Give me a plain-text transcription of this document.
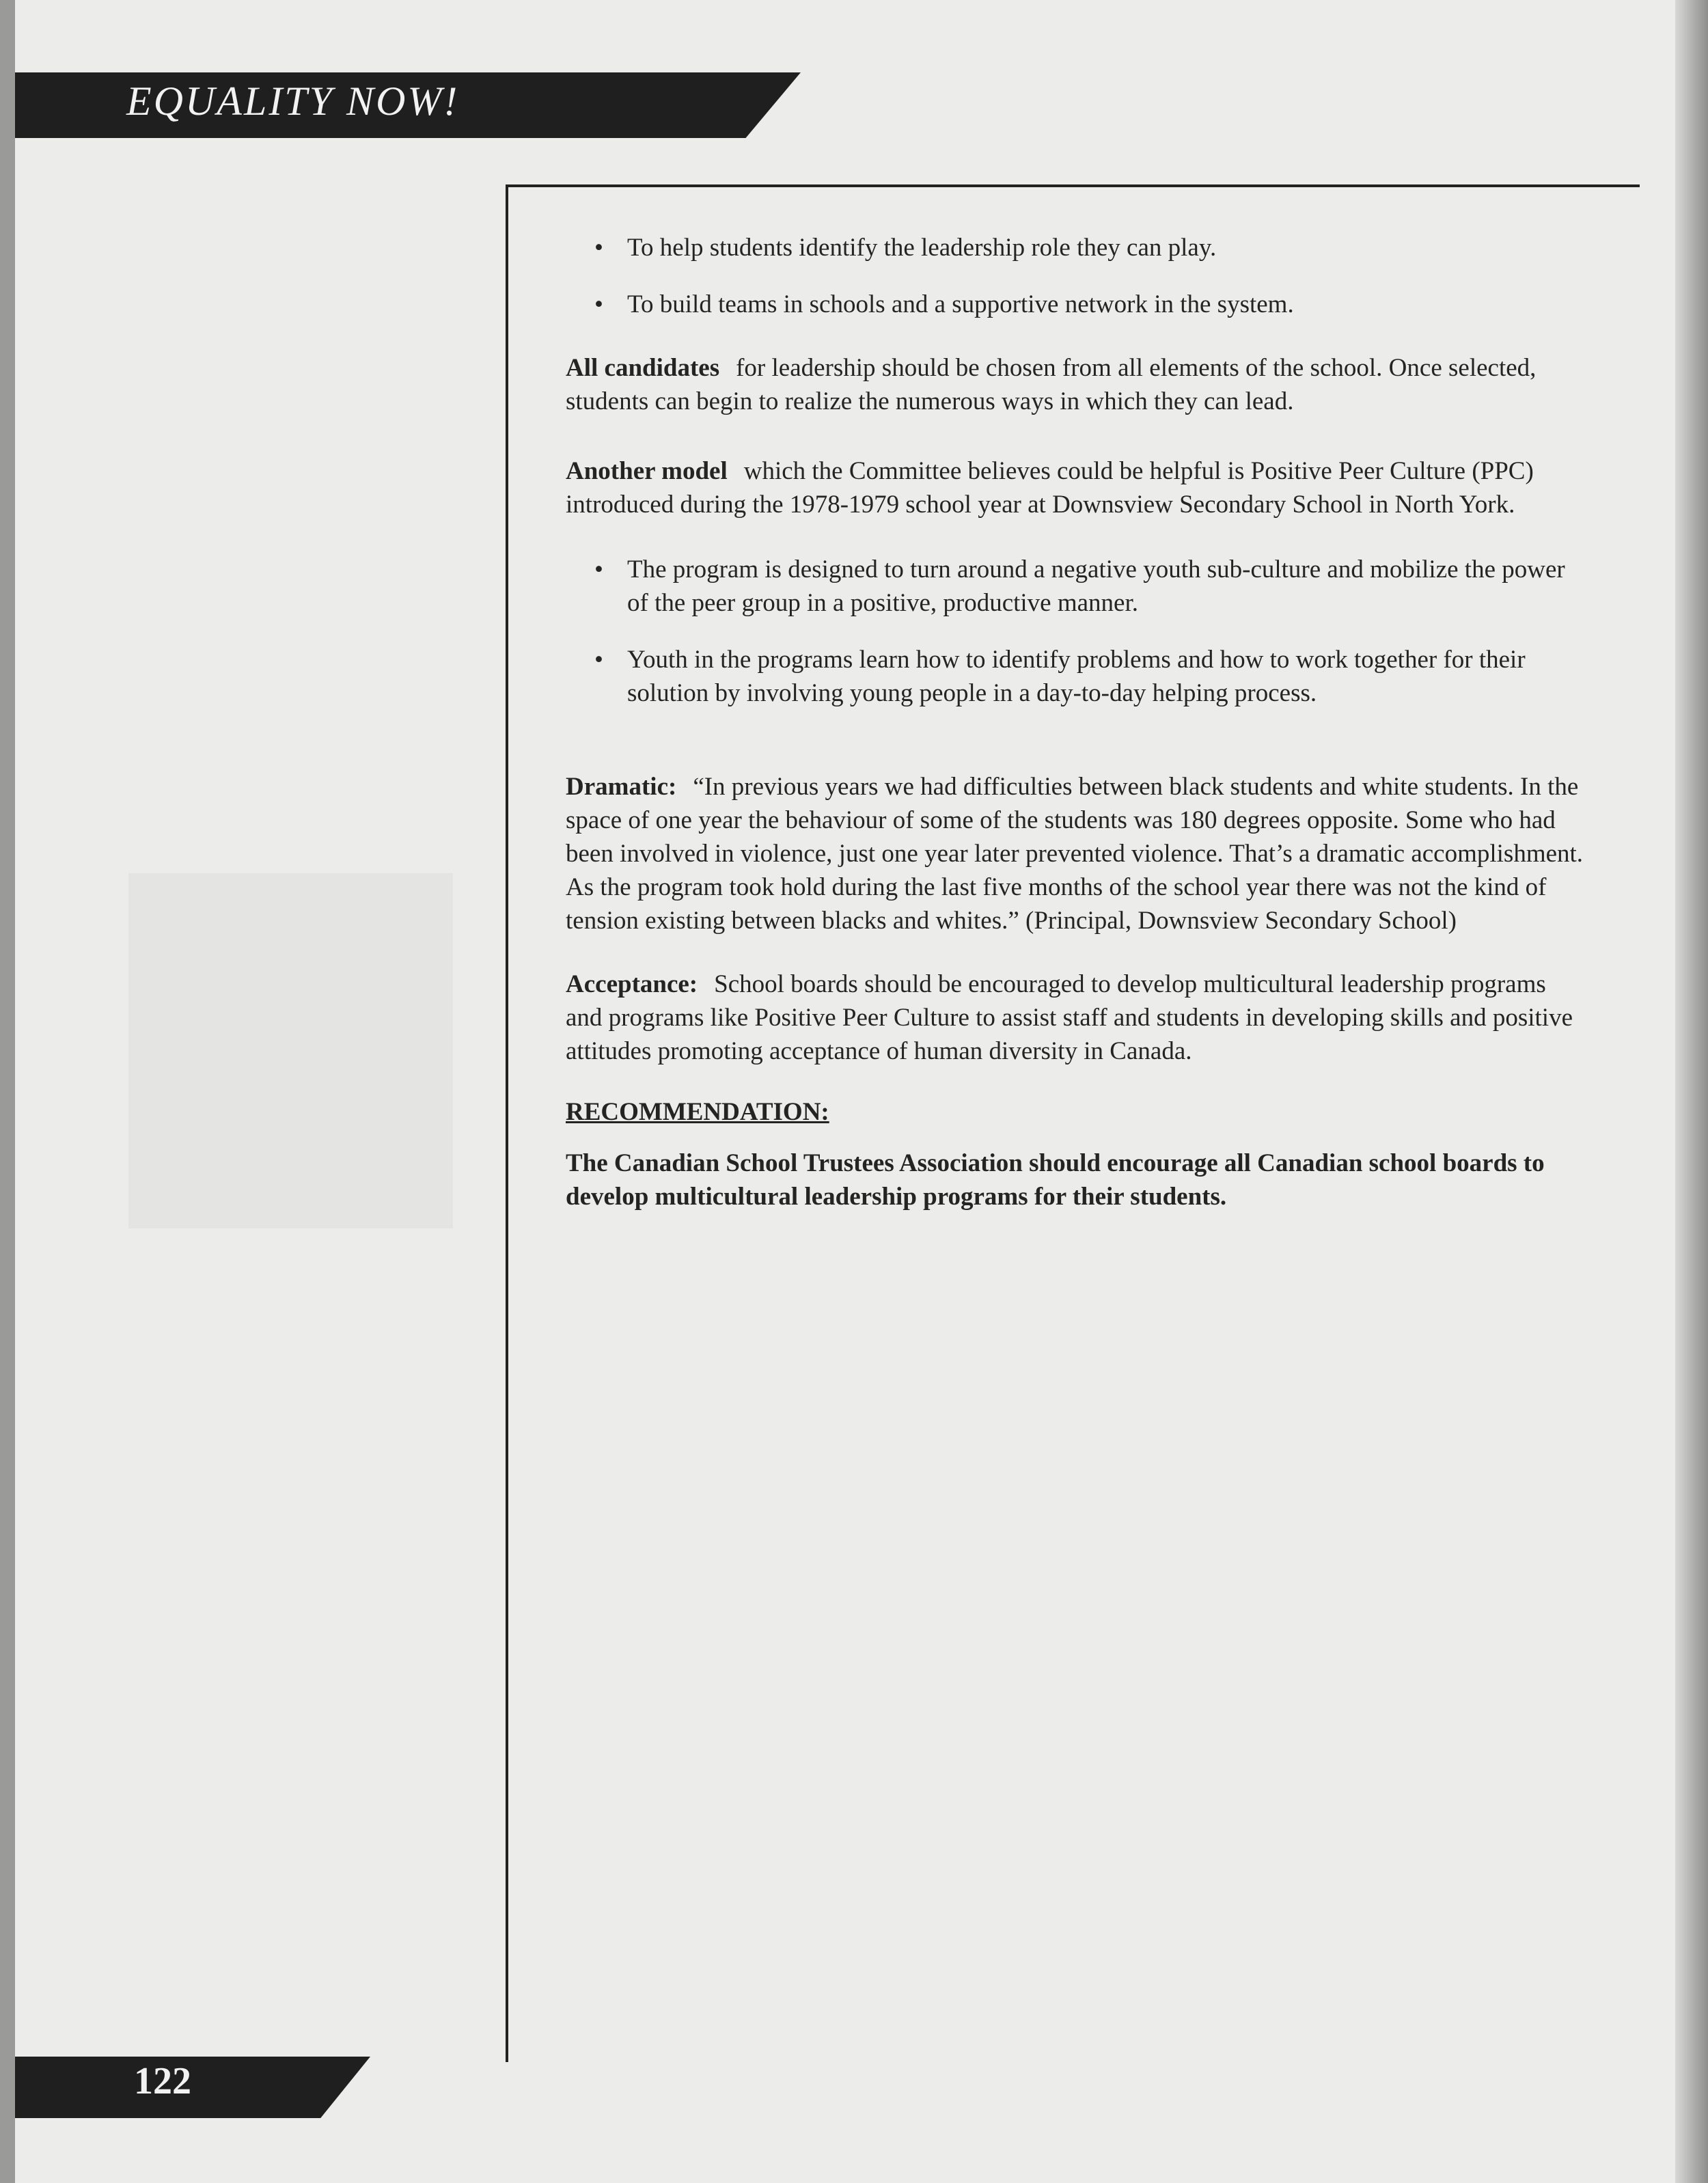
EQUALITY NOW!
• To help students identify the leadership role they can play.
• To build teams in schools and a supportive network in the system.

All candidates for leadership should be chosen from all elements of the school. Once selected, students can begin to realize the numerous ways in which they can lead.

Another model which the Committee believes could be helpful is Positive Peer Culture (PPC) introduced during the 1978-1979 school year at Downsview Secondary School in North York.

• The program is designed to turn around a negative youth sub-culture and mobilize the power of the peer group in a positive, productive manner.
• Youth in the programs learn how to identify problems and how to work together for their solution by involving young people in a day-to-day helping process.

Dramatic: “In previous years we had difficulties between black students and white students. In the space of one year the behaviour of some of the students was 180 degrees opposite. Some who had been involved in violence, just one year later prevented violence. That’s a dramatic accomplishment. As the program took hold during the last five months of the school year there was not the kind of tension existing between blacks and whites.” (Principal, Downsview Secondary School)

Acceptance: School boards should be encouraged to develop multicultural leadership programs and programs like Positive Peer Culture to assist staff and students in developing skills and positive attitudes promoting acceptance of human diversity in Canada.

RECOMMENDATION:

The Canadian School Trustees Association should encourage all Canadian school boards to develop multicultural leadership programs for their students.

122
